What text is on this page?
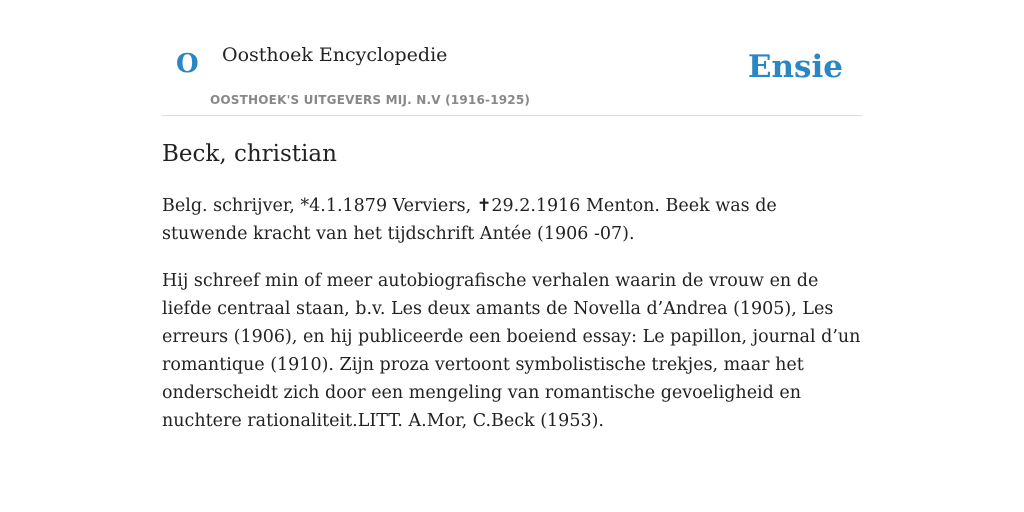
O Oosthoek Encyclopedie	Ensie
OOSTHOEK'S UITGEVERS MIJ. N.V (1916-1925)
Beck, christian

Belg. schrijver, *4.1.1879 Verviers, ✝29.2.1916 Menton. Beek was de stuwende kracht van het tijdschrift Antée (1906 -07).

Hij schreef min of meer autobiografische verhalen waarin de vrouw en de liefde centraal staan, b.v. Les deux amants de Novella d’Andrea (1905), Les erreurs (1906), en hij publiceerde een boeiend essay: Le papillon, journal d’un romantique (1910). Zijn proza vertoont symbolistische trekjes, maar het onderscheidt zich door een mengeling van romantische gevoeligheid en nuchtere rationaliteit.LITT. A.Mor, C.Beck (1953).
